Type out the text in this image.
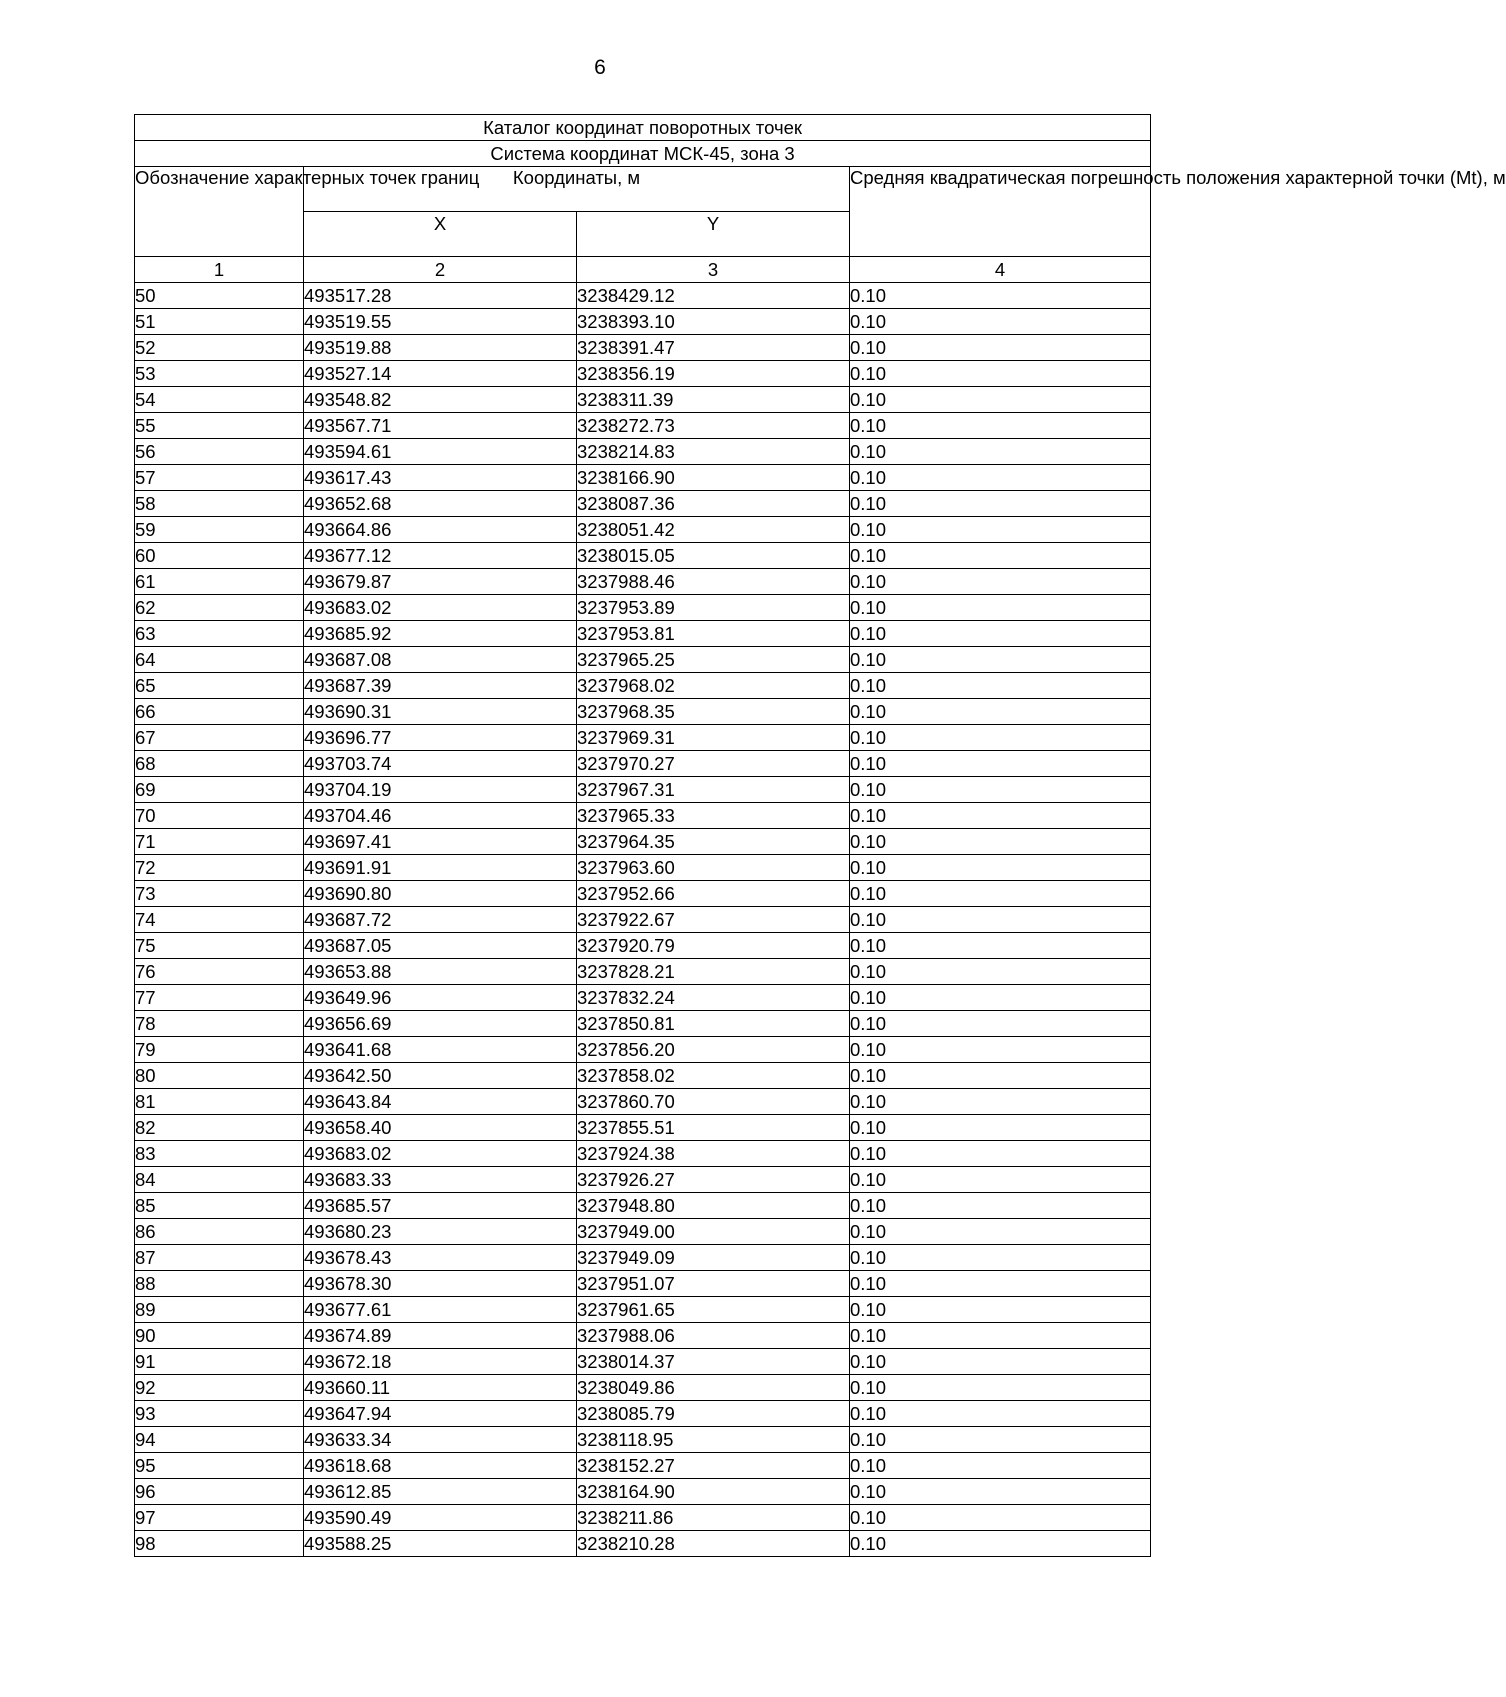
6
Каталог координат поворотных точек			
Система координат МСК-45, зона 3			
Обозначение характерных точек границ	Координаты, м		Средняя квадратическая погрешность положения характерной точки (Mt), м
	X	Y	
1	2	3	4
50	493517.28	3238429.12	0.10
51	493519.55	3238393.10	0.10
52	493519.88	3238391.47	0.10
53	493527.14	3238356.19	0.10
54	493548.82	3238311.39	0.10
55	493567.71	3238272.73	0.10
56	493594.61	3238214.83	0.10
57	493617.43	3238166.90	0.10
58	493652.68	3238087.36	0.10
59	493664.86	3238051.42	0.10
60	493677.12	3238015.05	0.10
61	493679.87	3237988.46	0.10
62	493683.02	3237953.89	0.10
63	493685.92	3237953.81	0.10
64	493687.08	3237965.25	0.10
65	493687.39	3237968.02	0.10
66	493690.31	3237968.35	0.10
67	493696.77	3237969.31	0.10
68	493703.74	3237970.27	0.10
69	493704.19	3237967.31	0.10
70	493704.46	3237965.33	0.10
71	493697.41	3237964.35	0.10
72	493691.91	3237963.60	0.10
73	493690.80	3237952.66	0.10
74	493687.72	3237922.67	0.10
75	493687.05	3237920.79	0.10
76	493653.88	3237828.21	0.10
77	493649.96	3237832.24	0.10
78	493656.69	3237850.81	0.10
79	493641.68	3237856.20	0.10
80	493642.50	3237858.02	0.10
81	493643.84	3237860.70	0.10
82	493658.40	3237855.51	0.10
83	493683.02	3237924.38	0.10
84	493683.33	3237926.27	0.10
85	493685.57	3237948.80	0.10
86	493680.23	3237949.00	0.10
87	493678.43	3237949.09	0.10
88	493678.30	3237951.07	0.10
89	493677.61	3237961.65	0.10
90	493674.89	3237988.06	0.10
91	493672.18	3238014.37	0.10
92	493660.11	3238049.86	0.10
93	493647.94	3238085.79	0.10
94	493633.34	3238118.95	0.10
95	493618.68	3238152.27	0.10
96	493612.85	3238164.90	0.10
97	493590.49	3238211.86	0.10
98	493588.25	3238210.28	0.10
